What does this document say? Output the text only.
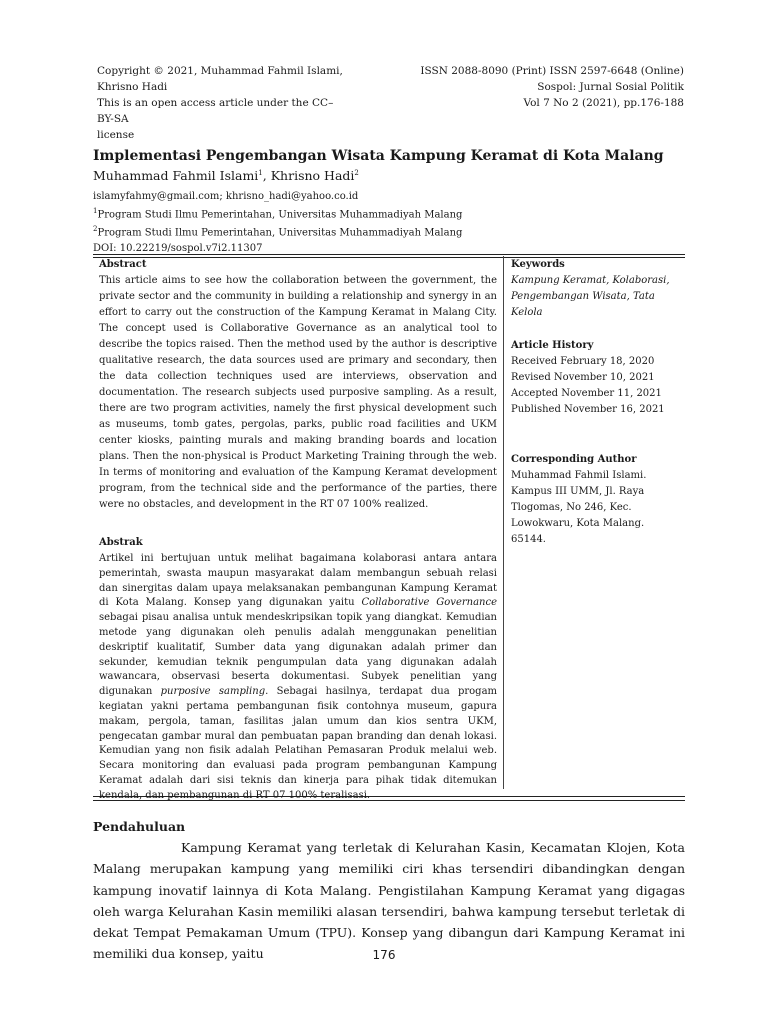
Copyright © 2021, Muhammad Fahmil Islami,
Khrisno Hadi
This is an open access article under the CC–BY-SA
license
ISSN 2088-8090 (Print) ISSN 2597-6648 (Online)
Sospol: Jurnal Sosial Politik
Vol 7 No 2 (2021), pp.176-188
Implementasi Pengembangan Wisata Kampung Keramat di Kota Malang
Muhammad Fahmil Islami$^1$, Khrisno Hadi$^2$
islamyfahmy@gmail.com; khrisno_hadi@yahoo.co.id
$^1$Program Studi Ilmu Pemerintahan, Universitas Muhammadiyah Malang
$^2$Program Studi Ilmu Pemerintahan, Universitas Muhammadiyah Malang
DOI: 10.22219/sospol.v7i2.11307
Abstract
This article aims to see how the collaboration between the government, the private sector and the community in building a relationship and synergy in an effort to carry out the construction of the Kampung Keramat in Malang City. The concept used is Collaborative Governance as an analytical tool to describe the topics raised. Then the method used by the author is descriptive qualitative research, the data sources used are primary and secondary, then the data collection techniques used are interviews, observation and documentation. The research subjects used purposive sampling. As a result, there are two program activities, namely the first physical development such as museums, tomb gates, pergolas, parks, public road facilities and UKM center kiosks, painting murals and making branding boards and location plans. Then the non-physical is Product Marketing Training through the web. In terms of monitoring and evaluation of the Kampung Keramat development program, from the technical side and the performance of the parties, there were no obstacles, and development in the RT 07 100% realized.
Abstrak
Artikel ini bertujuan untuk melihat bagaimana kolaborasi antara antara pemerintah, swasta maupun masyarakat dalam membangun sebuah relasi dan sinergitas dalam upaya melaksanakan pembangunan Kampung Keramat di Kota Malang. Konsep yang digunakan yaitu Collaborative Governance sebagai pisau analisa untuk mendeskripsikan topik yang diangkat. Kemudian metode yang digunakan oleh penulis adalah menggunakan penelitian deskriptif kualitatif, Sumber data yang digunakan adalah primer dan sekunder, kemudian teknik pengumpulan data yang digunakan adalah wawancara, observasi beserta dokumentasi. Subyek penelitian yang digunakan purposive sampling. Sebagai hasilnya, terdapat dua progam kegiatan yakni pertama pembangunan fisik contohnya museum, gapura makam, pergola, taman, fasilitas jalan umum dan kios sentra UKM, pengecatan gambar mural dan pembuatan papan branding dan denah lokasi. Kemudian yang non fisik adalah Pelatihan Pemasaran Produk melalui web. Secara monitoring dan evaluasi pada program pembangunan Kampung Keramat adalah dari sisi teknis dan kinerja para pihak tidak ditemukan kendala, dan pembangunan di RT 07 100% teralisasi.
Keywords
Kampung Keramat, Kolaborasi, Pengembangan Wisata, Tata Kelola
Article History
Received February 18, 2020
Revised November 10, 2021
Accepted November 11, 2021
Published November 16, 2021
Corresponding Author
Muhammad Fahmil Islami.
Kampus III UMM, Jl. Raya
Tlogomas, No 246, Kec.
Lowokwaru, Kota Malang.
65144.
Pendahuluan

Kampung Keramat yang terletak di Kelurahan Kasin, Kecamatan Klojen, Kota Malang merupakan kampung yang memiliki ciri khas tersendiri dibandingkan dengan kampung inovatif lainnya di Kota Malang. Pengistilahan Kampung Keramat yang digagas oleh warga Kelurahan Kasin memiliki alasan tersendiri, bahwa kampung tersebut terletak di dekat Tempat Pemakaman Umum (TPU). Konsep yang dibangun dari Kampung Keramat ini memiliki dua konsep, yaitu	176
